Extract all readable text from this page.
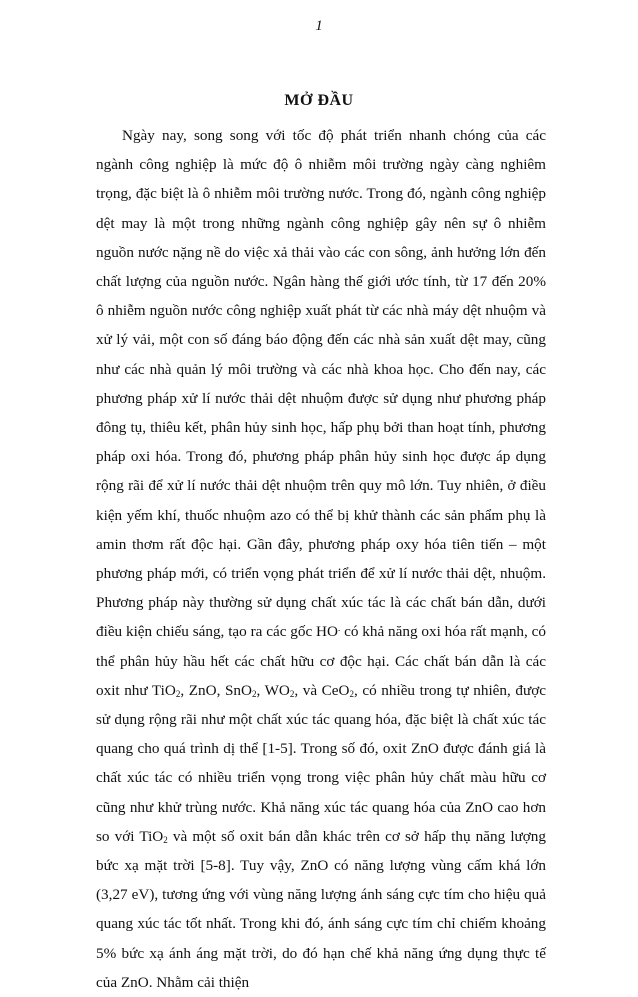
1
MỞ ĐẦU

Ngày nay, song song với tốc độ phát triển nhanh chóng của các ngành công nghiệp là mức độ ô nhiễm môi trường ngày càng nghiêm trọng, đặc biệt là ô nhiễm môi trường nước. Trong đó, ngành công nghiệp dệt may là một trong những ngành công nghiệp gây nên sự ô nhiễm nguồn nước nặng nề do việc xả thải vào các con sông, ảnh hưởng lớn đến chất lượng của nguồn nước. Ngân hàng thế giới ước tính, từ 17 đến 20% ô nhiễm nguồn nước công nghiệp xuất phát từ các nhà máy dệt nhuộm và xử lý vải, một con số đáng báo động đến các nhà sản xuất dệt may, cũng như các nhà quản lý môi trường và các nhà khoa học. Cho đến nay, các phương pháp xử lí nước thải dệt nhuộm được sử dụng như phương pháp đông tụ, thiêu kết, phân hủy sinh học, hấp phụ bởi than hoạt tính, phương pháp oxi hóa. Trong đó, phương pháp phân hủy sinh học được áp dụng rộng rãi để xử lí nước thải dệt nhuộm trên quy mô lớn. Tuy nhiên, ở điều kiện yếm khí, thuốc nhuộm azo có thể bị khử thành các sản phẩm phụ là amin thơm rất độc hại. Gần đây, phương pháp oxy hóa tiên tiến – một phương pháp mới, có triển vọng phát triển để xử lí nước thải dệt, nhuộm. Phương pháp này thường sử dụng chất xúc tác là các chất bán dẫn, dưới điều kiện chiếu sáng, tạo ra các gốc HO. có khả năng oxi hóa rất mạnh, có thể phân hủy hầu hết các chất hữu cơ độc hại. Các chất bán dẫn là các oxit như TiO$_2$, ZnO, SnO$_2$, $WO_2$, và CeO$_2$, có nhiều trong tự nhiên, được sử dụng rộng rãi như một chất xúc tác quang hóa, đặc biệt là chất xúc tác quang cho quá trình dị thể [1-5]. Trong số đó, oxit ZnO được đánh giá là chất xúc tác có nhiều triển vọng trong việc phân hủy chất màu hữu cơ cũng như khử trùng nước. Khả năng xúc tác quang hóa của ZnO cao hơn so với TiO$_2$ và một số oxit bán dẫn khác trên cơ sở hấp thụ năng lượng bức xạ mặt trời [5-8]. Tuy vậy, ZnO có năng lượng vùng cấm khá lớn (3,27 eV), tương ứng với vùng năng lượng ánh sáng cực tím cho hiệu quả quang xúc tác tốt nhất. Trong khi đó, ánh sáng cực tím chỉ chiếm khoảng 5% bức xạ ánh áng mặt trời, do đó hạn chế khả năng ứng dụng thực tế của ZnO. Nhằm cải thiện
